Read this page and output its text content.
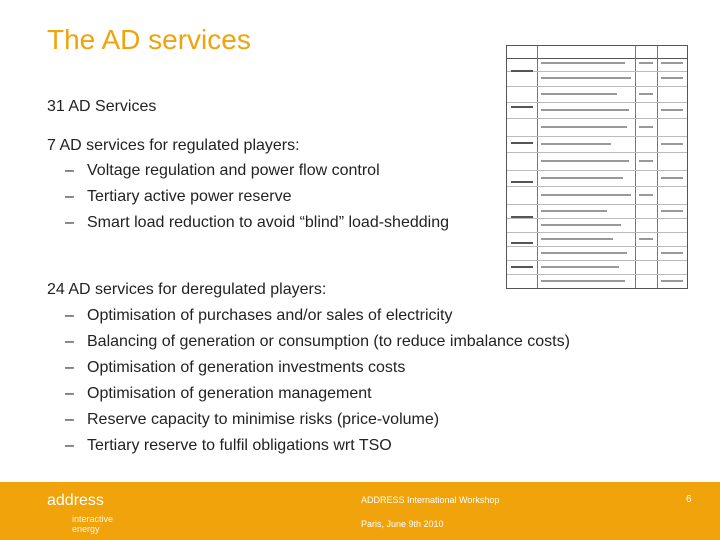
The AD services
31 AD Services
7 AD services for regulated players:
– Voltage regulation and power flow control
– Tertiary active power reserve
– Smart load reduction to avoid “blind” load-shedding
24 AD services for deregulated players:
– Optimisation of purchases and/or sales of electricity
– Balancing of generation or consumption (to reduce imbalance costs)
– Optimisation of generation investments costs
– Optimisation of generation management
– Reserve capacity to minimise risks (price-volume)
– Tertiary reserve to fulfil obligations wrt TSO
address
interactive energy
ADDRESS International Workshop
Paris, June 9th 2010
6
